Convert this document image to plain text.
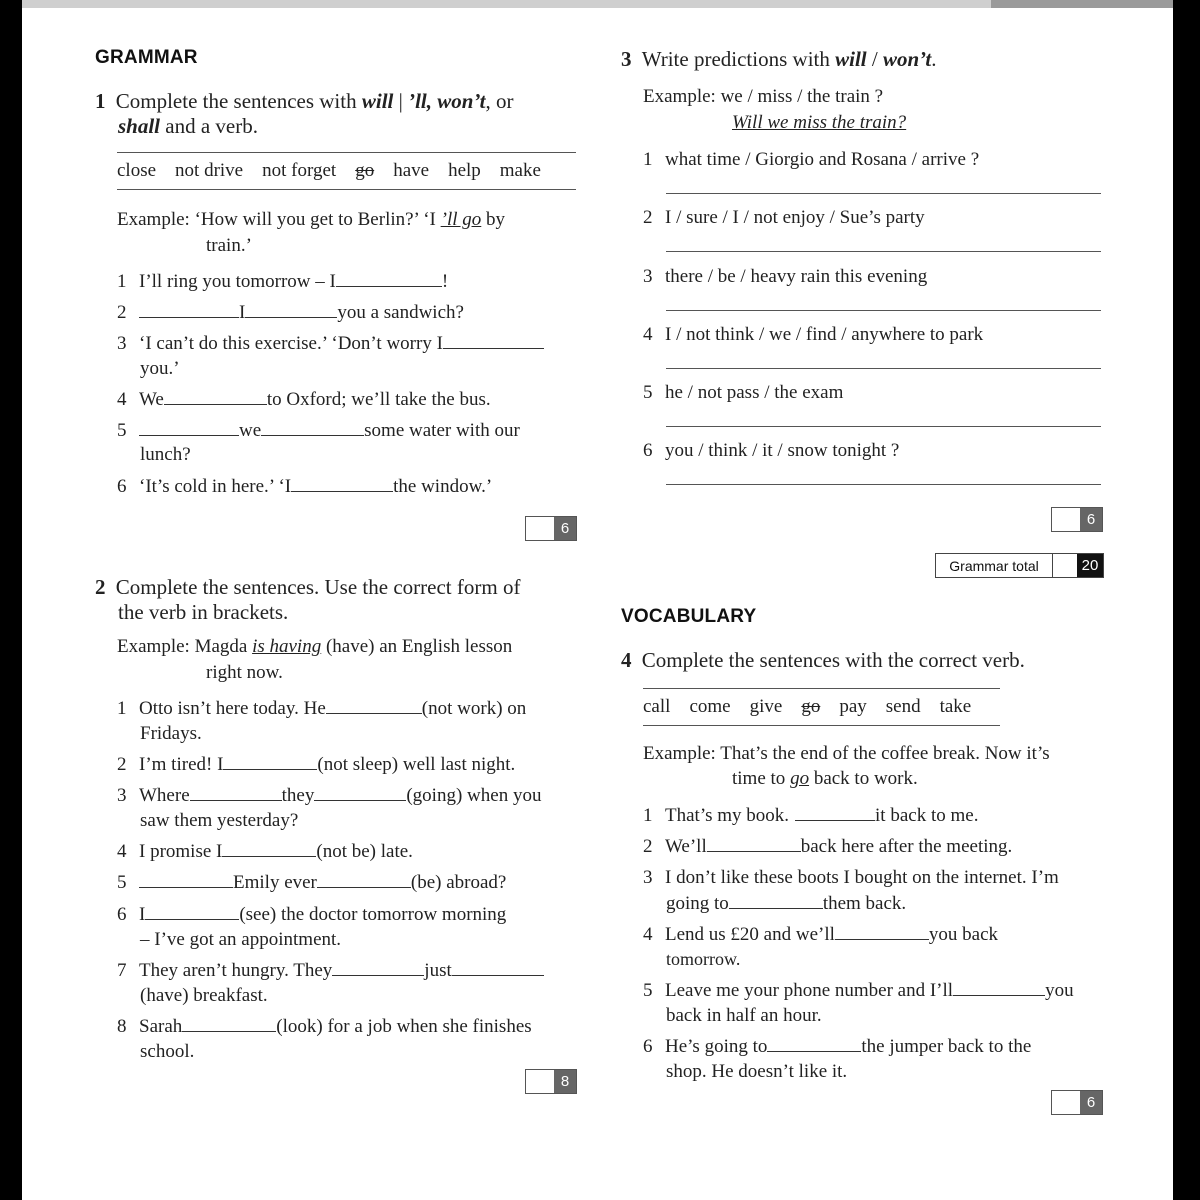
GRAMMAR
1 Complete the sentences with will | ’ll, won’t, or
shall and a verb.
close not drive not forget go have help make
Example: ‘How will you get to Berlin?’ ‘I ’ll go by
train.’
1 I’ll ring you tomorrow – I	!
2	I	you a sandwich?
3 ‘I can’t do this exercise.’ ‘Don’t worry I
you.’
4 We	to Oxford; we’ll take the bus.
5	we	some water with our
lunch?
6 ‘It’s cold in here.’ ‘I	the window.’
6
2 Complete the sentences. Use the correct form of
the verb in brackets.
Example: Magda is having (have) an English lesson
right now.
1 Otto isn’t here today. He	(not work) on
Fridays.
2 I’m tired! I	(not sleep) well last night.
3 Where	they	(going) when you
saw them yesterday?
4 I promise I	(not be) late.
5	Emily ever	(be) abroad?
6 I	(see) the doctor tomorrow morning
– I’ve got an appointment.
7 They aren’t hungry. They	just
(have) breakfast.
8 Sarah	(look) for a job when she finishes
school.
8
3 Write predictions with will / won’t.
Example: we / miss / the train ?
Will we miss the train?
1 what time / Giorgio and Rosana / arrive ?
2 I / sure / I / not enjoy / Sue’s party
3 there / be / heavy rain this evening
4 I / not think / we / find / anywhere to park
5 he / not pass / the exam
6 you / think / it / snow tonight ?
6
Grammar total	20
VOCABULARY
4 Complete the sentences with the correct verb.
call come give go pay send take
Example: That’s the end of the coffee break. Now it’s
time to go back to work.
1 That’s my book.	it back to me.
2 We’ll	back here after the meeting.
3 I don’t like these boots I bought on the internet. I’m
going to	them back.
4 Lend us £20 and we’ll	you back
tomorrow.
5 Leave me your phone number and I’ll	you
back in half an hour.
6 He’s going to	the jumper back to the
shop. He doesn’t like it.
6
